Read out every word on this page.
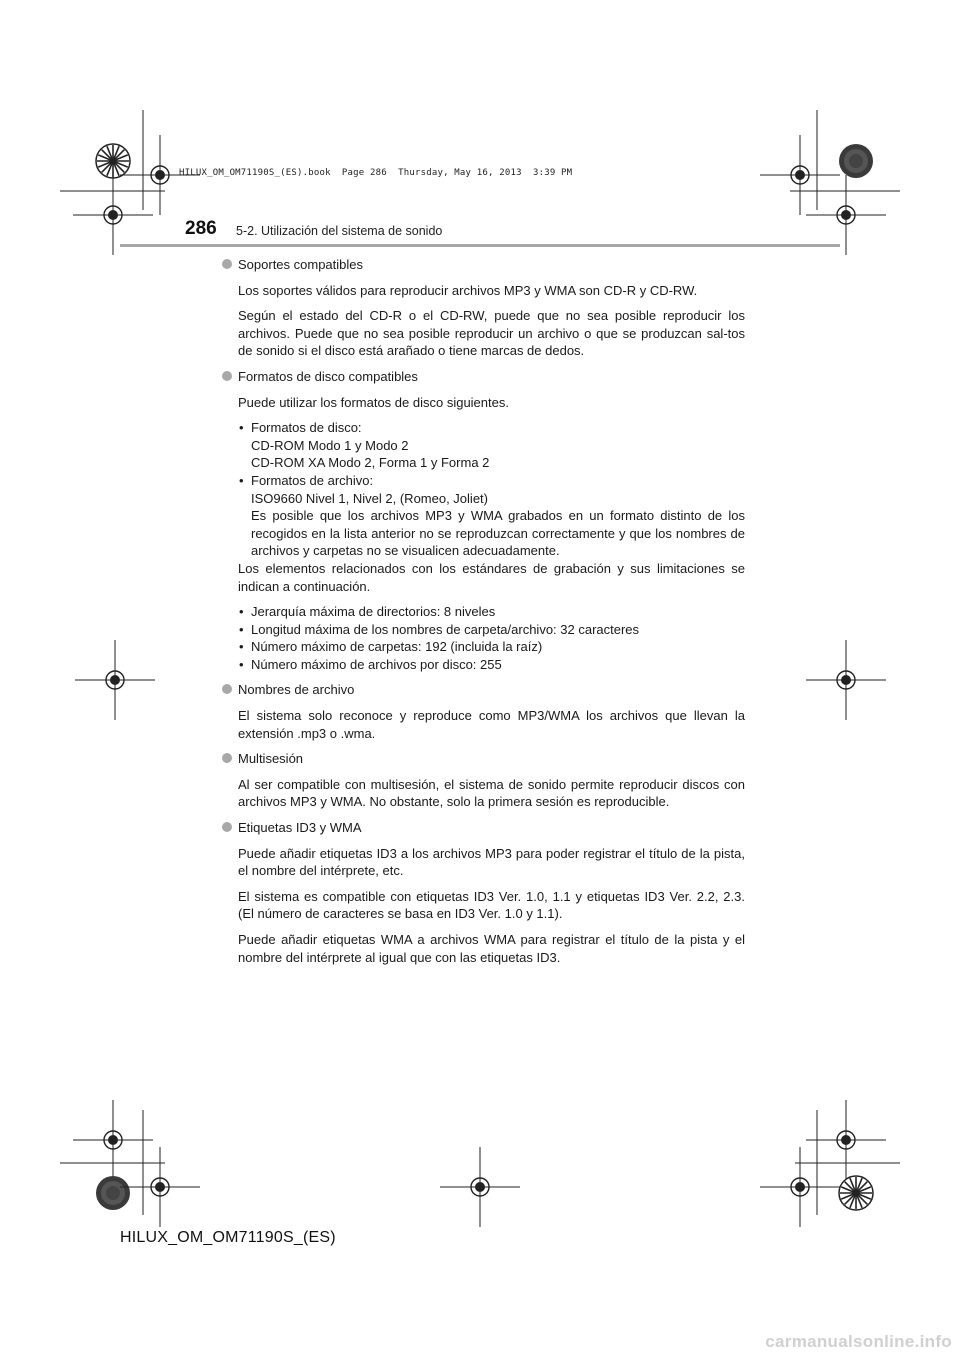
HILUX_OM_OM71190S_(ES).book  Page 286  Thursday, May 16, 2013  3:39 PM
286 5-2. Utilización del sistema de sonido

Soportes compatibles

Los soportes válidos para reproducir archivos MP3 y WMA son CD-R y CD-RW.

Según el estado del CD-R o el CD-RW, puede que no sea posible reproducir los archivos. Puede que no sea posible reproducir un archivo o que se produzcan sal-tos de sonido si el disco está arañado o tiene marcas de dedos.

Formatos de disco compatibles

Puede utilizar los formatos de disco siguientes.

• Formatos de disco:
CD-ROM Modo 1 y Modo 2
CD-ROM XA Modo 2, Forma 1 y Forma 2
• Formatos de archivo:
ISO9660 Nivel 1, Nivel 2, (Romeo, Joliet)
Es posible que los archivos MP3 y WMA grabados en un formato distinto de los recogidos en la lista anterior no se reproduzcan correctamente y que los nombres de archivos y carpetas no se visualicen adecuadamente.

Los elementos relacionados con los estándares de grabación y sus limitaciones se indican a continuación.

• Jerarquía máxima de directorios: 8 niveles
• Longitud máxima de los nombres de carpeta/archivo: 32 caracteres
• Número máximo de carpetas: 192 (incluida la raíz)
• Número máximo de archivos por disco: 255

Nombres de archivo

El sistema solo reconoce y reproduce como MP3/WMA los archivos que llevan la extensión .mp3 o .wma.

Multisesión

Al ser compatible con multisesión, el sistema de sonido permite reproducir discos con archivos MP3 y WMA. No obstante, solo la primera sesión es reproducible.

Etiquetas ID3 y WMA

Puede añadir etiquetas ID3 a los archivos MP3 para poder registrar el título de la pista, el nombre del intérprete, etc.

El sistema es compatible con etiquetas ID3 Ver. 1.0, 1.1 y etiquetas ID3 Ver. 2.2, 2.3. (El número de caracteres se basa en ID3 Ver. 1.0 y 1.1).

Puede añadir etiquetas WMA a archivos WMA para registrar el título de la pista y el nombre del intérprete al igual que con las etiquetas ID3.

HILUX_OM_OM71190S_(ES)
carmanualsonline.info
